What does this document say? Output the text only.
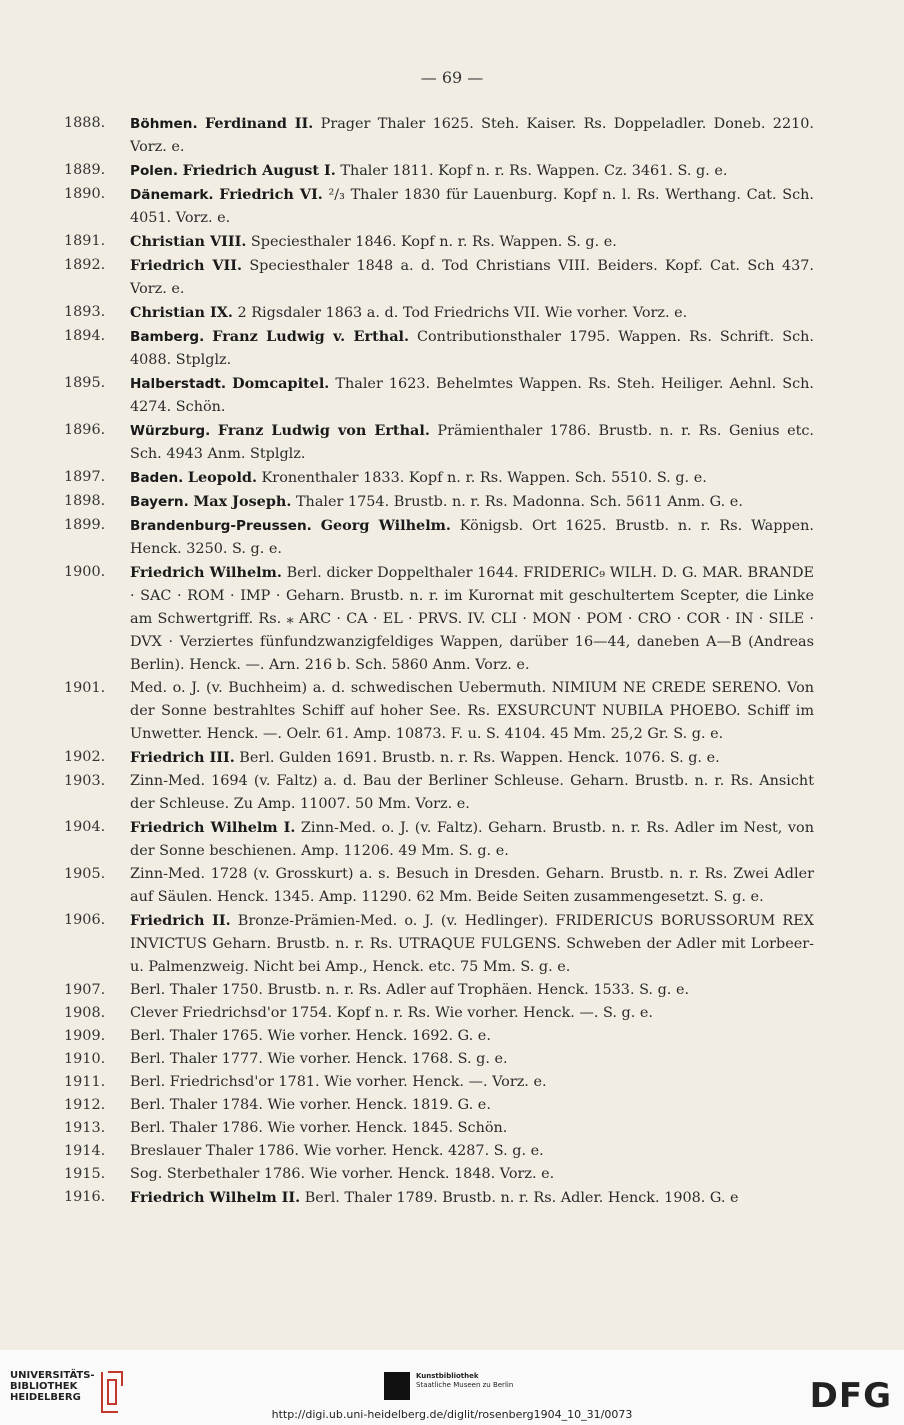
— 69 —
1888.	Böhmen. Ferdinand II. Prager Thaler 1625. Steh. Kaiser. Rs. Doppeladler. Doneb. 2210. Vorz. e.
1889.	Polen. Friedrich August I. Thaler 1811. Kopf n. r. Rs. Wappen. Cz. 3461. S. g. e.
1890.	Dänemark. Friedrich VI. ²/₃ Thaler 1830 für Lauenburg. Kopf n. l. Rs. Werthang. Cat. Sch. 4051. Vorz. e.
1891.	Christian VIII. Speciesthaler 1846. Kopf n. r. Rs. Wappen. S. g. e.
1892.	Friedrich VII. Speciesthaler 1848 a. d. Tod Christians VIII. Beiders. Kopf. Cat. Sch 437. Vorz. e.
1893.	Christian IX. 2 Rigsdaler 1863 a. d. Tod Friedrichs VII. Wie vorher. Vorz. e.
1894.	Bamberg. Franz Ludwig v. Erthal. Contributionsthaler 1795. Wappen. Rs. Schrift. Sch. 4088. Stplglz.
1895.	Halberstadt. Domcapitel. Thaler 1623. Behelmtes Wappen. Rs. Steh. Heiliger. Aehnl. Sch. 4274. Schön.
1896.	Würzburg. Franz Ludwig von Erthal. Prämienthaler 1786. Brustb. n. r. Rs. Genius etc. Sch. 4943 Anm. Stplglz.
1897.	Baden. Leopold. Kronenthaler 1833. Kopf n. r. Rs. Wappen. Sch. 5510. S. g. e.
1898.	Bayern. Max Joseph. Thaler 1754. Brustb. n. r. Rs. Madonna. Sch. 5611 Anm. G. e.
1899.	Brandenburg-Preussen. Georg Wilhelm. Königsb. Ort 1625. Brustb. n. r. Rs. Wappen. Henck. 3250. S. g. e.
1900.	Friedrich Wilhelm. Berl. dicker Doppelthaler 1644. FRIDERIC₉ WILH. D. G. MAR. BRANDE · SAC · ROM · IMP · Geharn. Brustb. n. r. im Kurornat mit geschultertem Scepter, die Linke am Schwertgriff. Rs. ⁎ ARC · CA · EL · PRVS. IV. CLI · MON · POM · CRO · COR · IN · SILE · DVX · Verziertes fünfundzwanzigfeldiges Wappen, darüber 16—44, daneben A—B (Andreas Berlin). Henck. —. Arn. 216 b. Sch. 5860 Anm. Vorz. e.
1901.	Med. o. J. (v. Buchheim) a. d. schwedischen Uebermuth. NIMIUM NE CREDE SERENO. Von der Sonne bestrahltes Schiff auf hoher See. Rs. EXSURCUNT NUBILA PHOEBO. Schiff im Unwetter. Henck. —. Oelr. 61. Amp. 10873. F. u. S. 4104. 45 Mm. 25,2 Gr. S. g. e.
1902.	Friedrich III. Berl. Gulden 1691. Brustb. n. r. Rs. Wappen. Henck. 1076. S. g. e.
1903.	Zinn-Med. 1694 (v. Faltz) a. d. Bau der Berliner Schleuse. Geharn. Brustb. n. r. Rs. Ansicht der Schleuse. Zu Amp. 11007. 50 Mm. Vorz. e.
1904.	Friedrich Wilhelm I. Zinn-Med. o. J. (v. Faltz). Geharn. Brustb. n. r. Rs. Adler im Nest, von der Sonne beschienen. Amp. 11206. 49 Mm. S. g. e.
1905.	Zinn-Med. 1728 (v. Grosskurt) a. s. Besuch in Dresden. Geharn. Brustb. n. r. Rs. Zwei Adler auf Säulen. Henck. 1345. Amp. 11290. 62 Mm. Beide Seiten zusammengesetzt. S. g. e.
1906.	Friedrich II. Bronze-Prämien-Med. o. J. (v. Hedlinger). FRIDERICUS BORUSSORUM REX INVICTUS Geharn. Brustb. n. r. Rs. UTRAQUE FULGENS. Schweben der Adler mit Lorbeer- u. Palmenzweig. Nicht bei Amp., Henck. etc. 75 Mm. S. g. e.
1907.	Berl. Thaler 1750. Brustb. n. r. Rs. Adler auf Trophäen. Henck. 1533. S. g. e.
1908.	Clever Friedrichsd'or 1754. Kopf n. r. Rs. Wie vorher. Henck. —. S. g. e.
1909.	Berl. Thaler 1765. Wie vorher. Henck. 1692. G. e.
1910.	Berl. Thaler 1777. Wie vorher. Henck. 1768. S. g. e.
1911.	Berl. Friedrichsd'or 1781. Wie vorher. Henck. —. Vorz. e.
1912.	Berl. Thaler 1784. Wie vorher. Henck. 1819. G. e.
1913.	Berl. Thaler 1786. Wie vorher. Henck. 1845. Schön.
1914.	Breslauer Thaler 1786. Wie vorher. Henck. 4287. S. g. e.
1915.	Sog. Sterbethaler 1786. Wie vorher. Henck. 1848. Vorz. e.
1916.	Friedrich Wilhelm II. Berl. Thaler 1789. Brustb. n. r. Rs. Adler. Henck. 1908. G. e
UNIVERSITÄTS-
BIBLIOTHEK
HEIDELBERG
Kunstbibliothek
Staatliche Museen zu Berlin	DFG
http://digi.ub.uni-heidelberg.de/diglit/rosenberg1904_10_31/0073
